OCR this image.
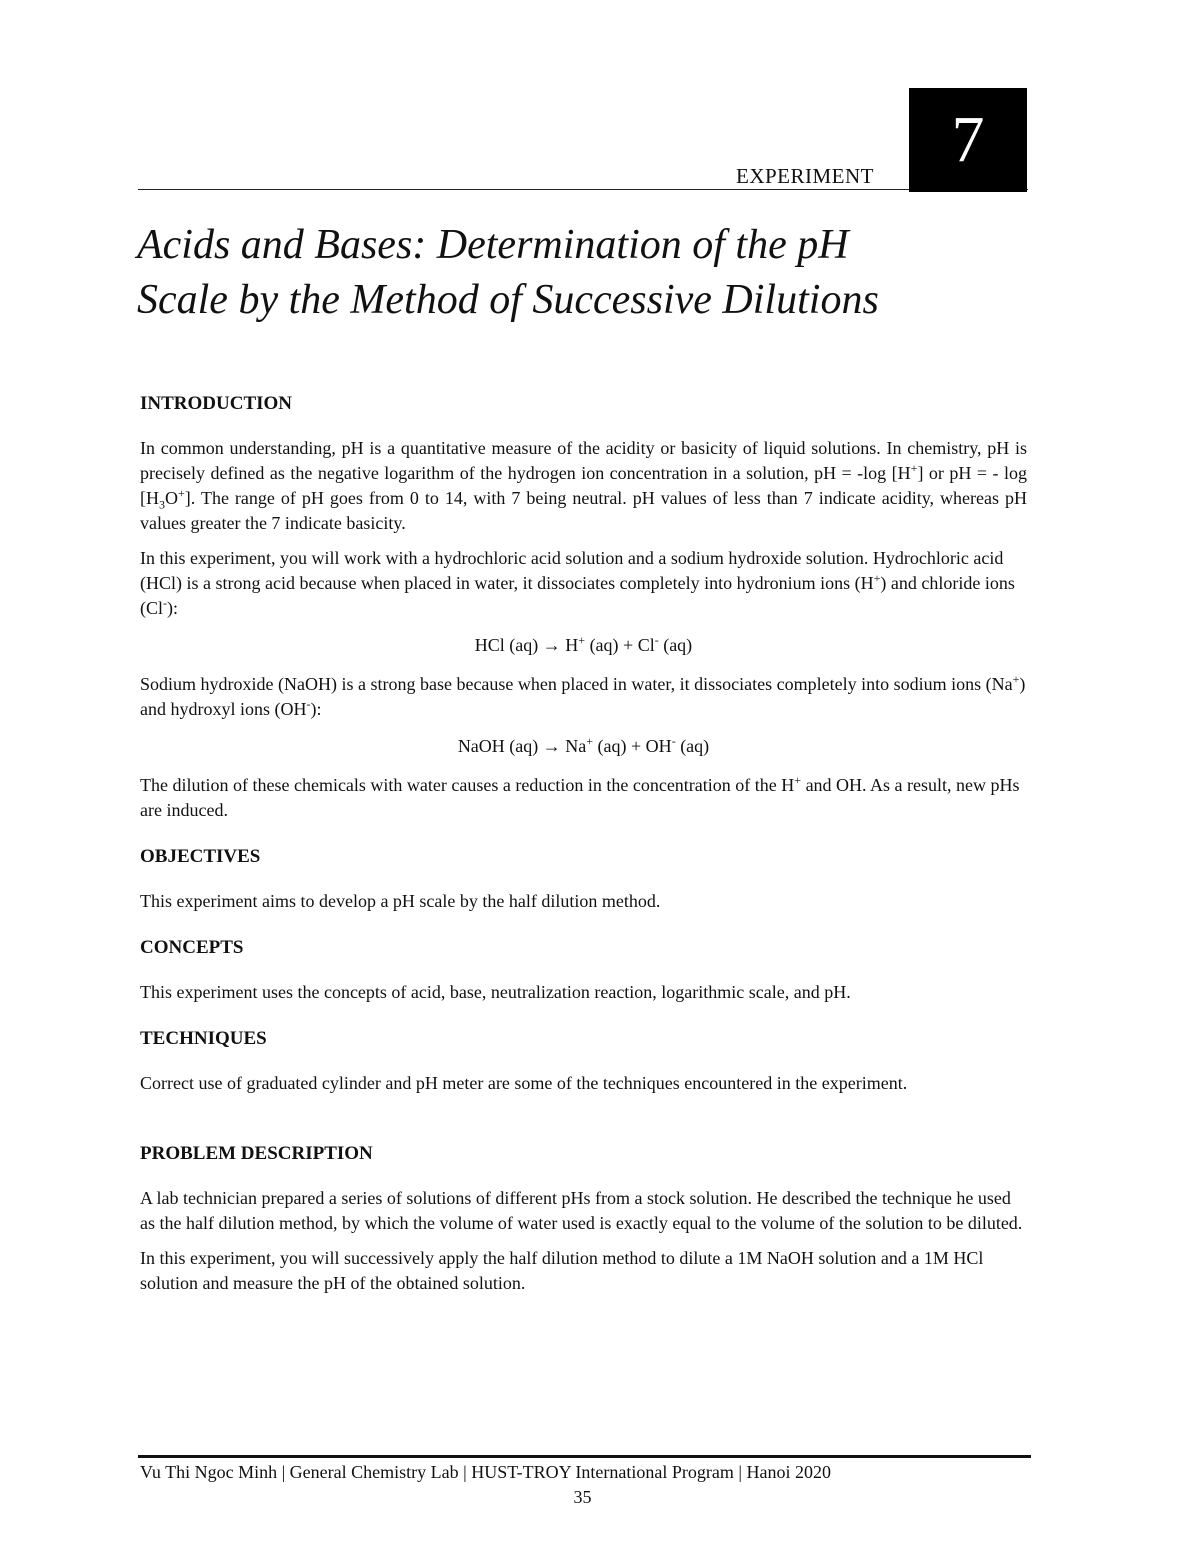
EXPERIMENT 7
Acids and Bases: Determination of the pH
Scale by the Method of Successive Dilutions
INTRODUCTION

In common understanding, pH is a quantitative measure of the acidity or basicity of liquid solutions. In chemistry, pH is precisely defined as the negative logarithm of the hydrogen ion concentration in a solution, pH = -log [H+] or pH = - $\log [H_3O^+]$. The range of pH goes from 0 to 14, with 7 being neutral. pH values of less than 7 indicate acidity, whereas pH values greater the 7 indicate basicity.

In this experiment, you will work with a hydrochloric acid solution and a sodium hydroxide solution. Hydrochloric acid (HCl) is a strong acid because when placed in water, it dissociates completely into hydronium ions (H+) and chloride ions (Cl-):

HCl (aq) → H+ (aq) + Cl- (aq)

Sodium hydroxide (NaOH) is a strong base because when placed in water, it dissociates completely into sodium ions (Na+) and hydroxyl ions (OH-):

NaOH (aq) → Na+ (aq) + OH- (aq)

The dilution of these chemicals with water causes a reduction in the concentration of the H+ and OH. As a result, new pHs are induced.

OBJECTIVES

This experiment aims to develop a pH scale by the half dilution method.

CONCEPTS

This experiment uses the concepts of acid, base, neutralization reaction, logarithmic scale, and pH.

TECHNIQUES

Correct use of graduated cylinder and pH meter are some of the techniques encountered in the experiment.

PROBLEM DESCRIPTION

A lab technician prepared a series of solutions of different pHs from a stock solution. He described the technique he used as the half dilution method, by which the volume of water used is exactly equal to the volume of the solution to be diluted.

In this experiment, you will successively apply the half dilution method to dilute a 1M NaOH solution and a 1M HCl solution and measure the pH of the obtained solution.

Vu Thi Ngoc Minh | General Chemistry Lab | HUST-TROY International Program | Hanoi 2020
35
